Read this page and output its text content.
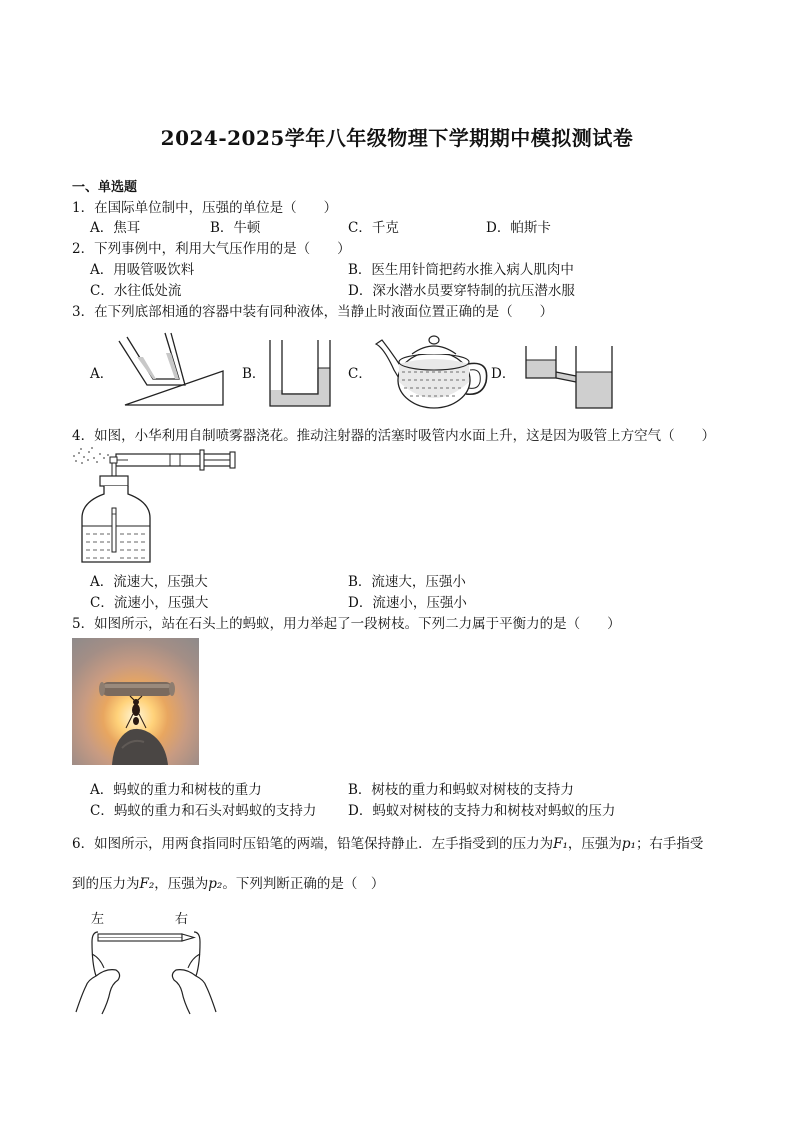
2024-2025学年八年级物理下学期期中模拟测试卷
一、单选题
1．在国际单位制中，压强的单位是（　　）
A．焦耳	B．牛顿	C．千克	D．帕斯卡
2．下列事例中，利用大气压作用的是（　　）
A．用吸管吸饮料	B．医生用针筒把药水推入病人肌肉中
C．水往低处流	D．深水潜水员要穿特制的抗压潜水服
3．在下列底部相通的容器中装有同种液体，当静止时液面位置正确的是（　　）
A．	B．	C．	D．
4．如图，小华利用自制喷雾器浇花。推动注射器的活塞时吸管内水面上升，这是因为吸管上方空气（　　）
A．流速大，压强大	B．流速大，压强小
C．流速小，压强大	D．流速小，压强小
5．如图所示，站在石头上的蚂蚁，用力举起了一段树枝。下列二力属于平衡力的是（　　）
A．蚂蚁的重力和树枝的重力	B．树枝的重力和蚂蚁对树枝的支持力
C．蚂蚁的重力和石头对蚂蚁的支持力 D．蚂蚁对树枝的支持力和树枝对蚂蚁的压力
6．如图所示，用两食指同时压铅笔的两端，铅笔保持静止．左手指受到的压力为F₁，压强为p₁；右手指受
到的压力为F₂，压强为p₂。下列判断正确的是（　）
左	右
